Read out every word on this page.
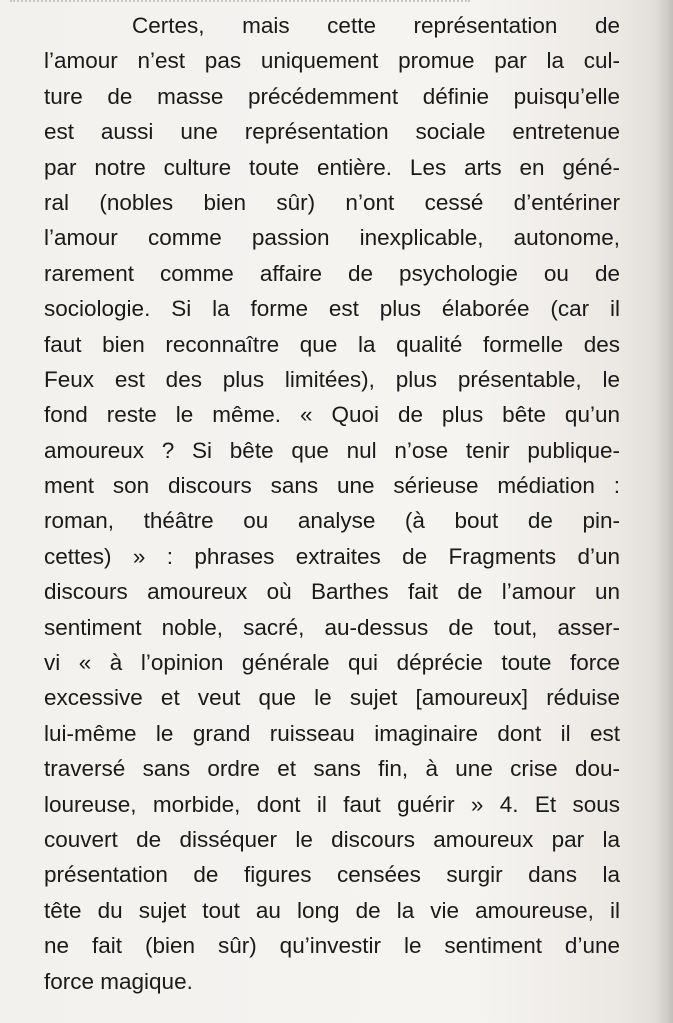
Certes, mais cette représentation de
l’amour n’est pas uniquement promue par la cul-
ture de masse précédemment définie puisqu’elle
est aussi une représentation sociale entretenue
par notre culture toute entière. Les arts en géné-
ral (nobles bien sûr) n’ont cessé d’entériner
l’amour comme passion inexplicable, autonome,
rarement comme affaire de psychologie ou de
sociologie. Si la forme est plus élaborée (car il
faut bien reconnaître que la qualité formelle des
Feux est des plus limitées), plus présentable, le
fond reste le même. « Quoi de plus bête qu’un
amoureux ? Si bête que nul n’ose tenir publique-
ment son discours sans une sérieuse médiation :
roman, théâtre ou analyse (à bout de pin-
cettes) » : phrases extraites de Fragments d’un
discours amoureux où Barthes fait de l’amour un
sentiment noble, sacré, au-dessus de tout, asser-
vi « à l’opinion générale qui déprécie toute force
excessive et veut que le sujet [amoureux] réduise
lui-même le grand ruisseau imaginaire dont il est
traversé sans ordre et sans fin, à une crise dou-
loureuse, morbide, dont il faut guérir » 4. Et sous
couvert de disséquer le discours amoureux par la
présentation de figures censées surgir dans la
tête du sujet tout au long de la vie amoureuse, il
ne fait (bien sûr) qu’investir le sentiment d’une
force magique.
